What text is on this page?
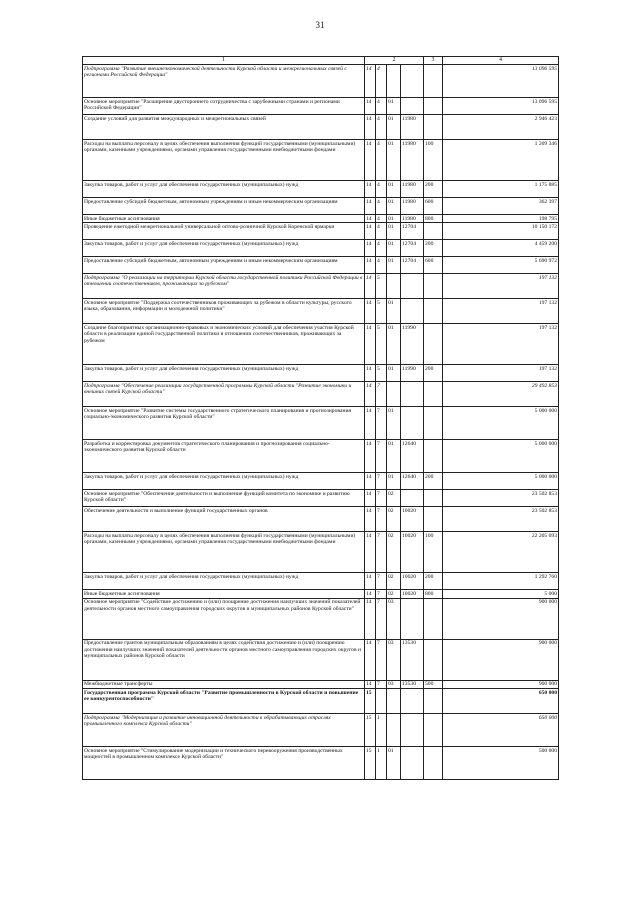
31
1	2				3	4
Подпрограмма "Развитие внешнеэкономической деятельности Курской области и межрегиональных связей с регионами Российской Федерации"	14	4				13 096 595
Основное мероприятие "Расширение двустороннего сотрудничества с зарубежными странами и регионами Российской Федерации"	14	4	01			13 096 595
Создание условий для развития международных и межрегиональных связей	14	4	01	11980		2 946 423
Расходы на выплаты персоналу в целях обеспечения выполнения функций государственными (муниципальными) органами, казенными учреждениями, органами управления государственными внебюджетными фондами	14	4	01	11980	100	1 209 346
Закупка товаров, работ и услуг для обеспечения государственных (муниципальных) нужд	14	4	01	11980	200	1 175 885
Предоставление субсидий бюджетным, автономным учреждениям и иным некоммерческим организациям	14	4	01	11980	600	362 397
Иные бюджетные ассигнования	14	4	01	11980	800	198 795
Проведение ежегодной межрегиональной универсальной оптово-розничной Курской Коренской ярмарки	14	4	01	12704		10 150 172
Закупка товаров, работ и услуг для обеспечения государственных (муниципальных) нужд	14	4	01	12704	200	4 459 200
Предоставление субсидий бюджетным, автономным учреждениям и иным некоммерческим организациям	14	4	01	12704	600	5 690 972
Подпрограмма "О реализации на территории Курской области государственной политики Российской Федерации в отношении соотечественников, проживающих за рубежом"	14	5				197 132
Основное мероприятие "Поддержка соотечественников проживающих за рубежом в области культуры, русского языка, образования, информации и молодежной политики"	14	5	01			197 132
Создание благоприятных организационно-правовых и экономических условий для обеспечения участия Курской области в реализации единой государственной политики в отношении соотечественников, проживающих за рубежом	14	5	01	11990		197 132
Закупка товаров, работ и услуг для обеспечения государственных (муниципальных) нужд	14	5	01	11990	200	197 132
Подпрограмма "Обеспечение реализации государственной программы Курской области "Развитие экономики и внешних связей Курской области"	14	7				29 492 853
Основное мероприятие "Развитие системы государственного стратегического планирования и прогнозирования социально-экономического развития Курской области"	14	7	01			5 000 000
Разработка и корректировка документов стратегического планирования и прогнозирования социально-экономического развития Курской области	14	7	01	12640		5 000 000
Закупка товаров, работ и услуг для обеспечения государственных (муниципальных) нужд	14	7	01	12640	200	5 000 000
Основное мероприятие "Обеспечение деятельности и выполнение функций комитета по экономике и развитию Курской области"	14	7	02			23 502 853
Обеспечение деятельности и выполнение функций государственных органов	14	7	02	10020		23 502 853
Расходы на выплаты персоналу в целях обеспечения выполнения функций государственными (муниципальными) органами, казенными учреждениями, органами управления государственными внебюджетными фондами	14	7	02	10020	100	22 205 093
Закупка товаров, работ и услуг для обеспечения государственных (муниципальных) нужд	14	7	02	10020	200	1 292 760
Иные бюджетные ассигнования	14	7	02	10020	800	5 000
Основное мероприятие "Содействие достижению и (или) поощрение достижения наилучших значений показателей деятельности органов местного самоуправления городских округов и муниципальных районов Курской области"	14	7	03			900 000
Предоставление грантов муниципальным образованиям в целях содействия достижению и (или) поощрению достижения наилучших значений показателей деятельности органов местного самоуправления городских округов и муниципальных районов Курской области	14	7	03	13530		900 000
Межбюджетные трансферты	14	7	03	13530	500	900 000
Государственная программа Курской области "Развитие промышленности в Курской области и повышение ее конкурентоспособности"	15					650 000
Подпрограмма "Модернизация и развитие инновационной деятельности в обрабатывающих отраслях промышленного комплекса Курской области"	15	1				650 000
Основное мероприятие "Стимулирование модернизации и технического перевооружения производственных мощностей в промышленном комплексе Курской области"	15	1	01			500 000
